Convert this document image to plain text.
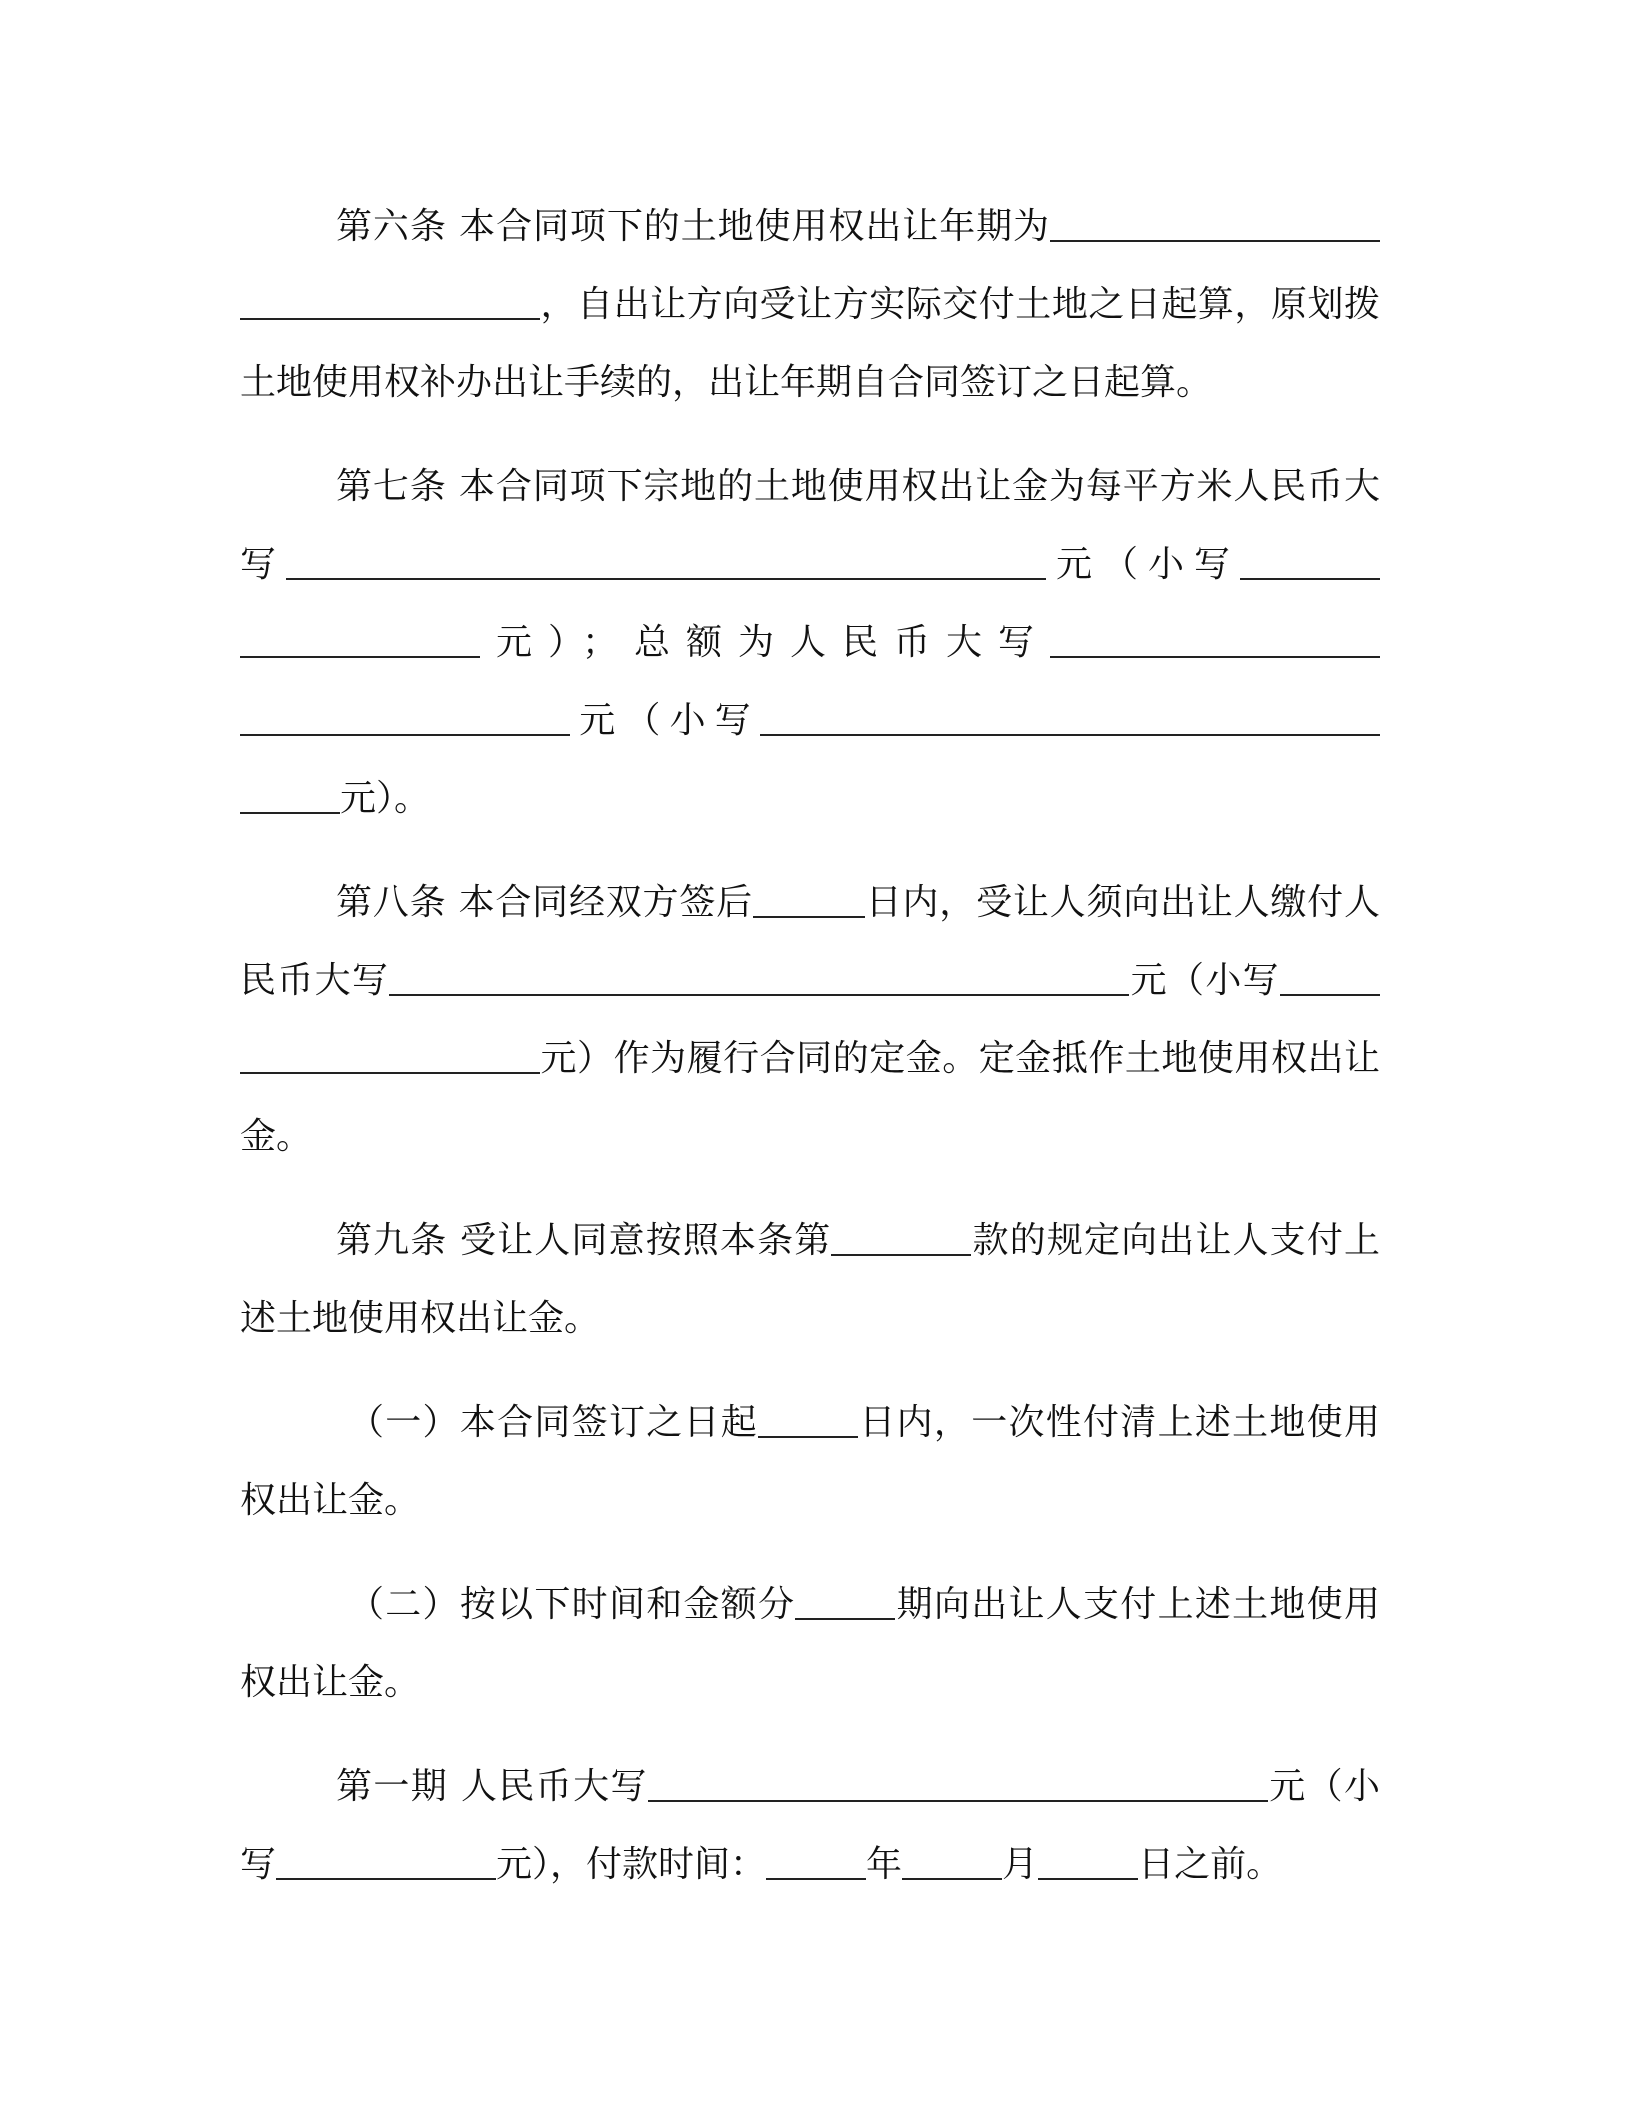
第六条 本合同项下的土地使用权出让年期为，自出让方向受让方实际交付土地之日起算，原划拨土地使用权补办出让手续的，出让年期自合同签订之日起算。

第七条 本合同项下宗地的土地使用权出让金为每平方米人民币大写	元（小写元）；总额为人民币大写元（小写元）。

第八条 本合同经双方签后	日内，受让人须向出让人缴付人民币大写	元（小写元）作为履行合同的定金。定金抵作土地使用权出让金。

第九条 受让人同意按照本条第	款的规定向出让人支付上述土地使用权出让金。

（一）本合同签订之日起	日内，一次性付清上述土地使用权出让金。

（二）按以下时间和金额分	期向出让人支付上述土地使用权出让金。

第一期 人民币大写	元（小写	元），付款时间：	年	月	日之前。
